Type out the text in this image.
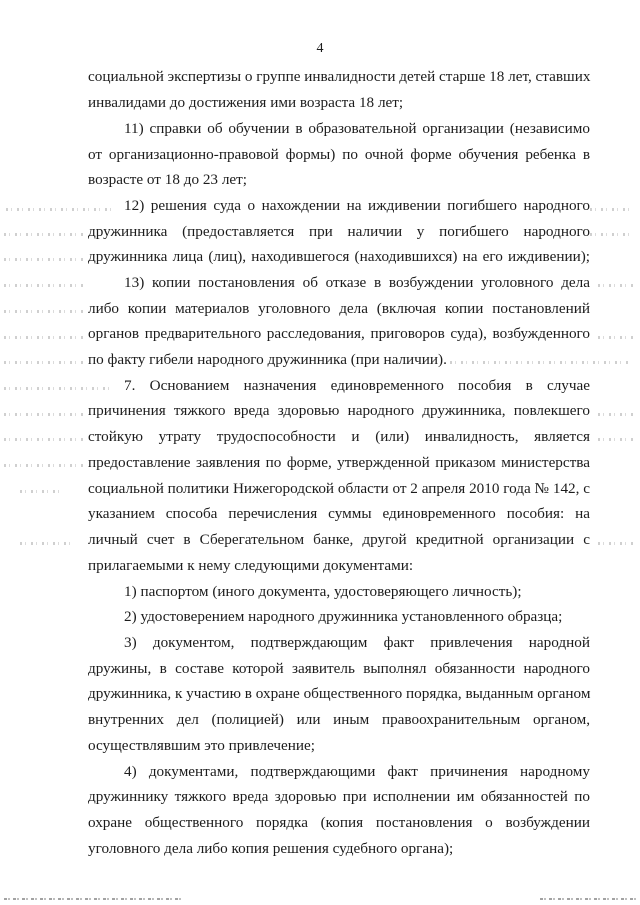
4
социальной экспертизы о группе инвалидности детей старше 18 лет, ставших
инвалидами до достижения ими возраста 18 лет;
11) справки об обучении в образовательной организации (независимо
от организационно-правовой формы) по очной форме обучения ребенка в
возрасте от 18 до 23 лет;
12) решения суда о нахождении на иждивении погибшего народного
дружинника (предоставляется при наличии у погибшего народного
дружинника лица (лиц), находившегося (находившихся) на его иждивении);
13) копии постановления об отказе в возбуждении уголовного дела
либо копии материалов уголовного дела (включая копии постановлений
органов предварительного расследования, приговоров суда), возбужденного
по факту гибели народного дружинника (при наличии).
7. Основанием назначения единовременного пособия в случае
причинения тяжкого вреда здоровью народного дружинника, повлекшего
стойкую утрату трудоспособности и (или) инвалидность, является
предоставление заявления по форме, утвержденной приказом министерства
социальной политики Нижегородской области от 2 апреля 2010 года № 142, с
указанием способа перечисления суммы единовременного пособия: на
личный счет в Сберегательном банке, другой кредитной организации с
прилагаемыми к нему следующими документами:
1) паспортом (иного документа, удостоверяющего личность);
2) удостоверением народного дружинника установленного образца;
3) документом, подтверждающим факт привлечения народной
дружины, в составе которой заявитель выполнял обязанности народного
дружинника, к участию в охране общественного порядка, выданным органом
внутренних дел (полицией) или иным правоохранительным органом,
осуществлявшим это привлечение;
4) документами, подтверждающими факт причинения народному
дружиннику тяжкого вреда здоровью при исполнении им обязанностей по
охране общественного порядка (копия постановления о возбуждении
уголовного дела либо копия решения судебного органа);
